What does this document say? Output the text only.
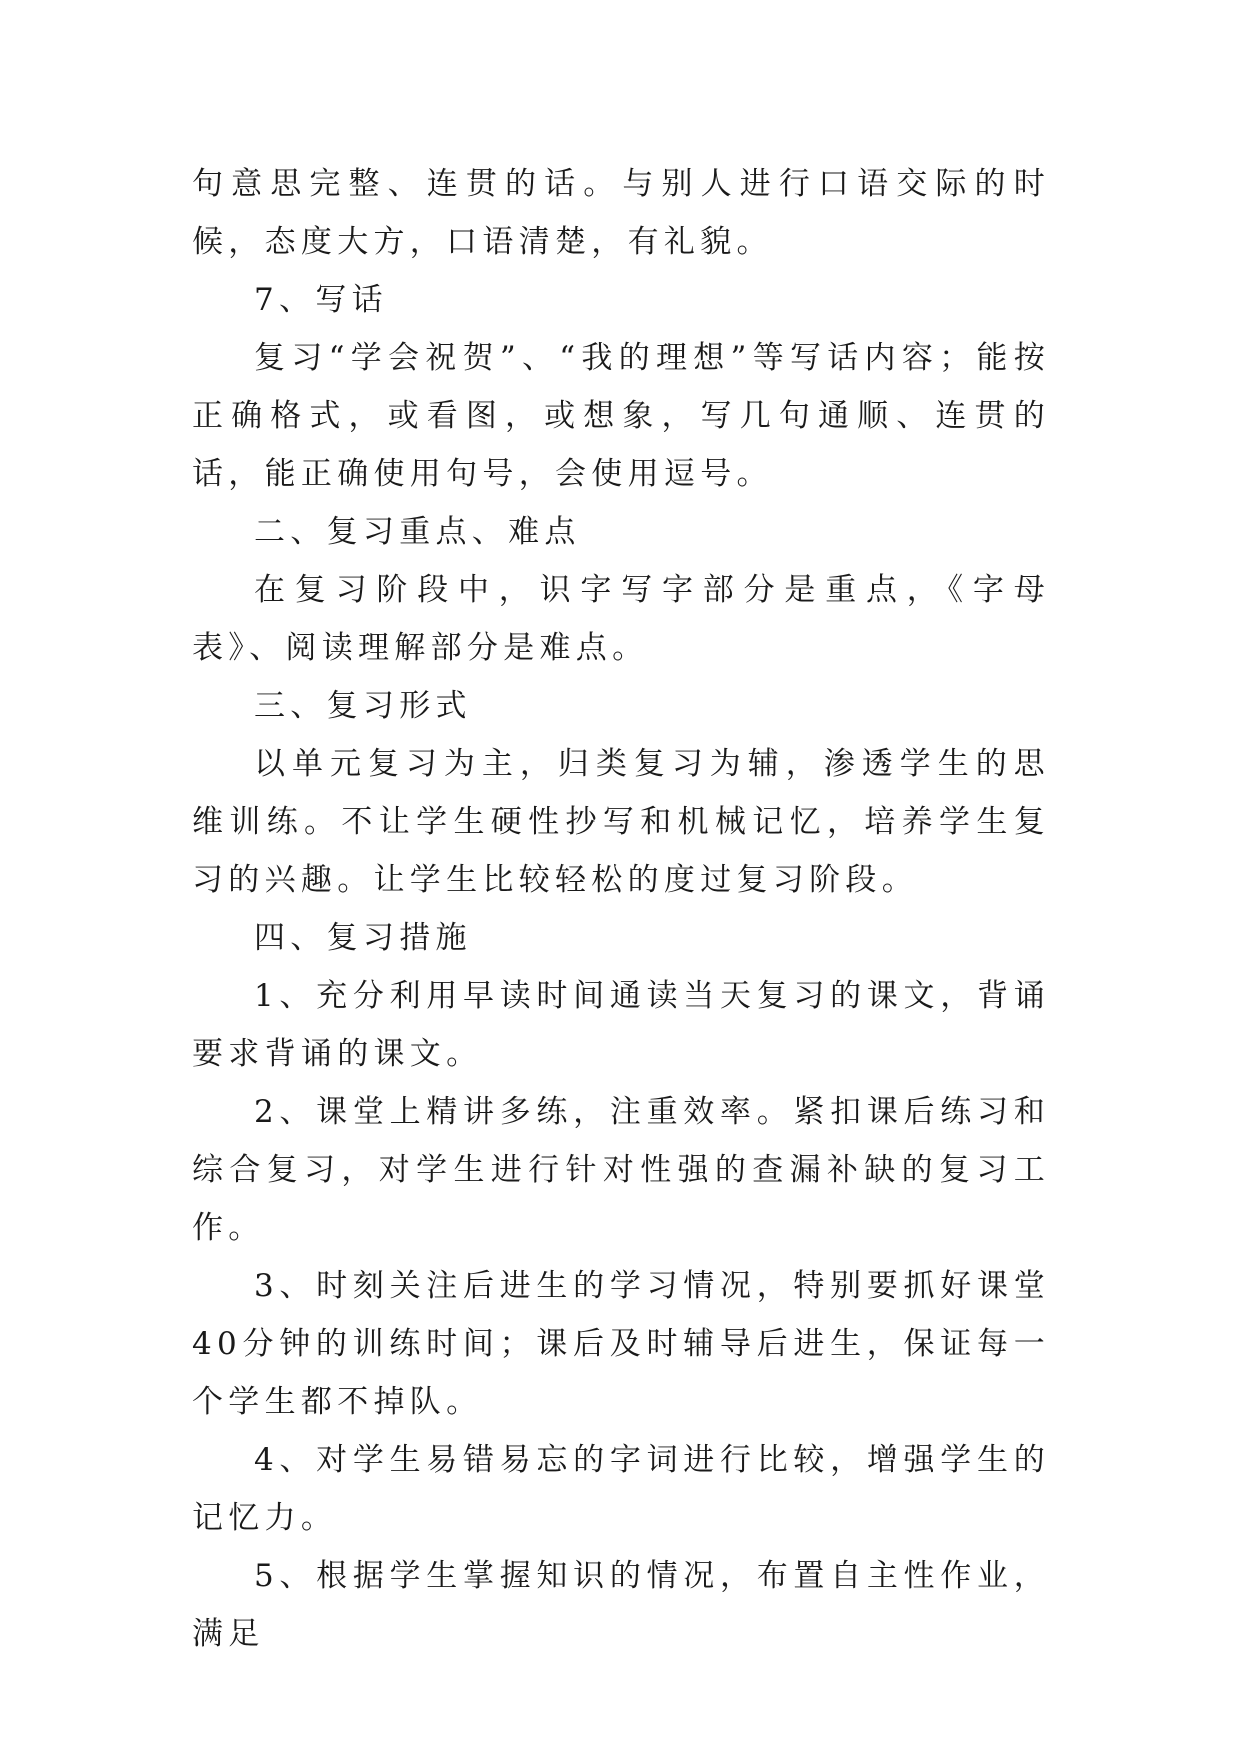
句意思完整、连贯的话。与别人进行口语交际的时候，态度大方，口语清楚，有礼貌。

7、写话

复习“学会祝贺”、“我的理想”等写话内容；能按正确格式，或看图，或想象，写几句通顺、连贯的话，能正确使用句号，会使用逗号。

二、复习重点、难点

在复习阶段中，识字写字部分是重点，《字母表》、阅读理解部分是难点。

三、复习形式

以单元复习为主，归类复习为辅，渗透学生的思维训练。不让学生硬性抄写和机械记忆，培养学生复习的兴趣。让学生比较轻松的度过复习阶段。

四、复习措施

1、充分利用早读时间通读当天复习的课文，背诵要求背诵的课文。

2、课堂上精讲多练，注重效率。紧扣课后练习和综合复习，对学生进行针对性强的查漏补缺的复习工作。

3、时刻关注后进生的学习情况，特别要抓好课堂40分钟的训练时间；课后及时辅导后进生，保证每一个学生都不掉队。

4、对学生易错易忘的字词进行比较，增强学生的记忆力。

5、根据学生掌握知识的情况，布置自主性作业，满足
